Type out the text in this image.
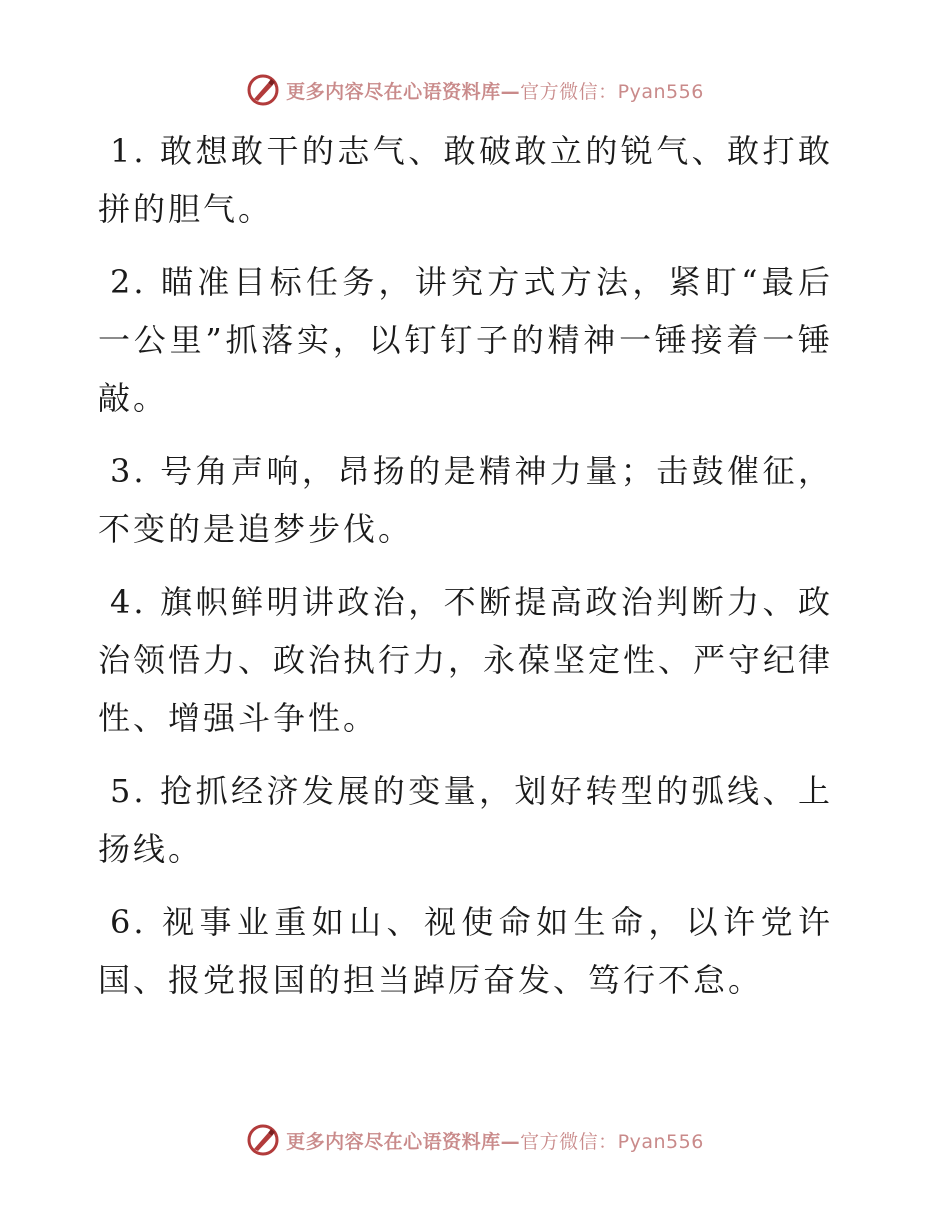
更多内容尽在心语资料库—官方微信：Pyan556

1. 敢想敢干的志气、敢破敢立的锐气、敢打敢拼的胆气。

2. 瞄准目标任务，讲究方式方法，紧盯“最后一公里”抓落实，以钉钉子的精神一锤接着一锤敲。

3. 号角声响，昂扬的是精神力量；击鼓催征，不变的是追梦步伐。

4. 旗帜鲜明讲政治，不断提高政治判断力、政治领悟力、政治执行力，永葆坚定性、严守纪律性、增强斗争性。

5. 抢抓经济发展的变量，划好转型的弧线、上扬线。

6. 视事业重如山、视使命如生命，以许党许国、报党报国的担当踔厉奋发、笃行不怠。

更多内容尽在心语资料库—官方微信：Pyan556
